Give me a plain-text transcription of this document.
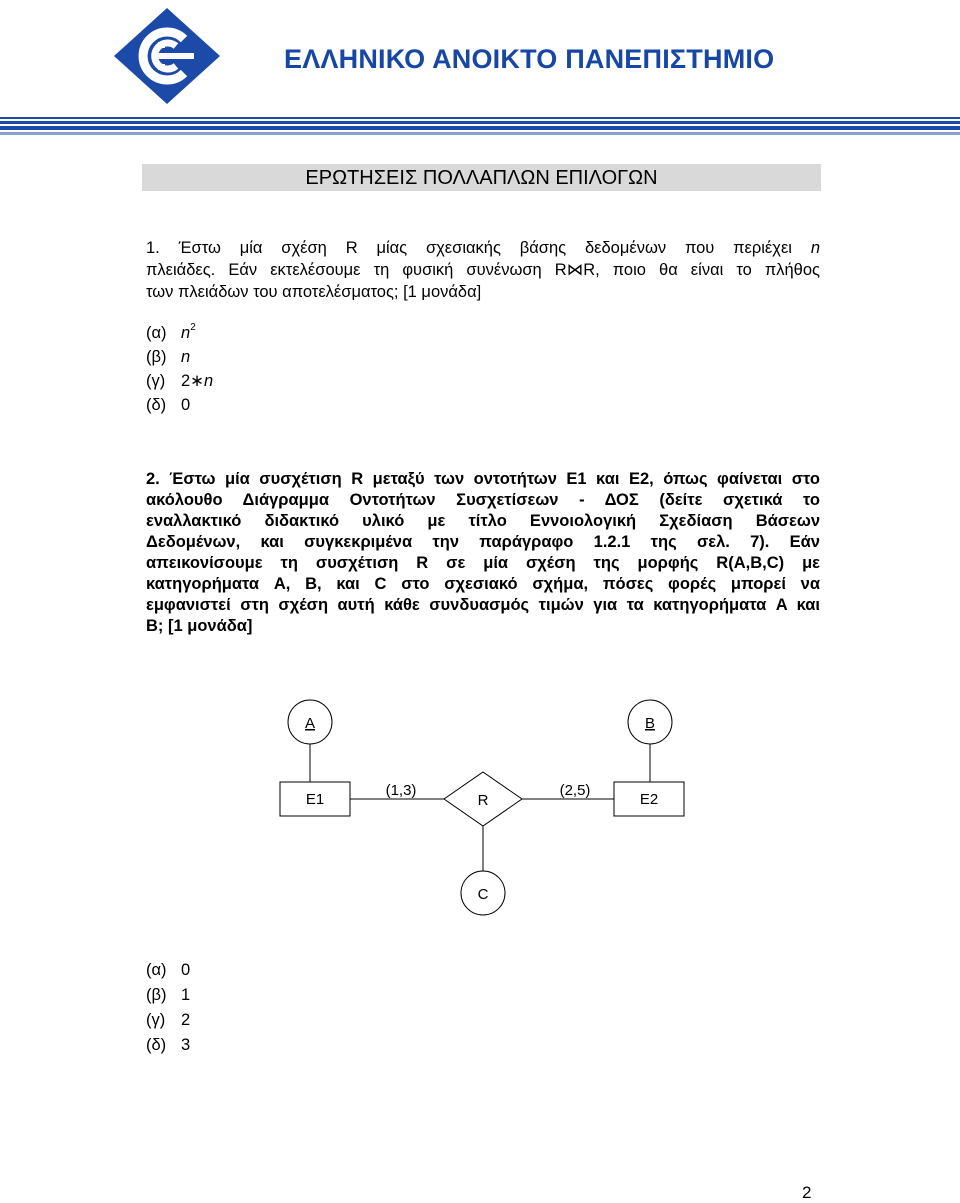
ΕΛΛΗΝΙΚΟ ΑΝΟΙΚΤΟ ΠΑΝΕΠΙΣΤΗΜΙΟ
ΕΡΩΤΗΣΕΙΣ ΠΟΛΛΑΠΛΩΝ ΕΠΙΛΟΓΩΝ
1. Έστω μία σχέση R μίας σχεσιακής βάσης δεδομένων που περιέχει n
πλειάδες. Εάν εκτελέσουμε τη φυσική συνένωση R⋈R, ποιο θα είναι το πλήθος
των πλειάδων του αποτελέσματος; [1 μονάδα]
(α) $n^2$
(β) n
(γ) 2∗n
(δ) 0
2. Έστω μία συσχέτιση R μεταξύ των οντοτήτων E1 και E2, όπως φαίνεται στο
ακόλουθο Διάγραμμα Οντοτήτων Συσχετίσεων - ΔΟΣ (δείτε σχετικά το
εναλλακτικό διδακτικό υλικό με τίτλο Εννοιολογική Σχεδίαση Βάσεων
Δεδομένων, και συγκεκριμένα την παράγραφο 1.2.1 της σελ. 7). Εάν
απεικονίσουμε τη συσχέτιση R σε μία σχέση της μορφής R(A,B,C) με
κατηγορήματα A, B, και C στο σχεσιακό σχήμα, πόσες φορές μπορεί να
εμφανιστεί στη σχέση αυτή κάθε συνδυασμός τιμών για τα κατηγορήματα A και
B; [1 μονάδα]
A	B
E1	E2
R
(1,3)	(2,5)
C
(α) 0
(β) 1
(γ) 2
(δ) 3
2
